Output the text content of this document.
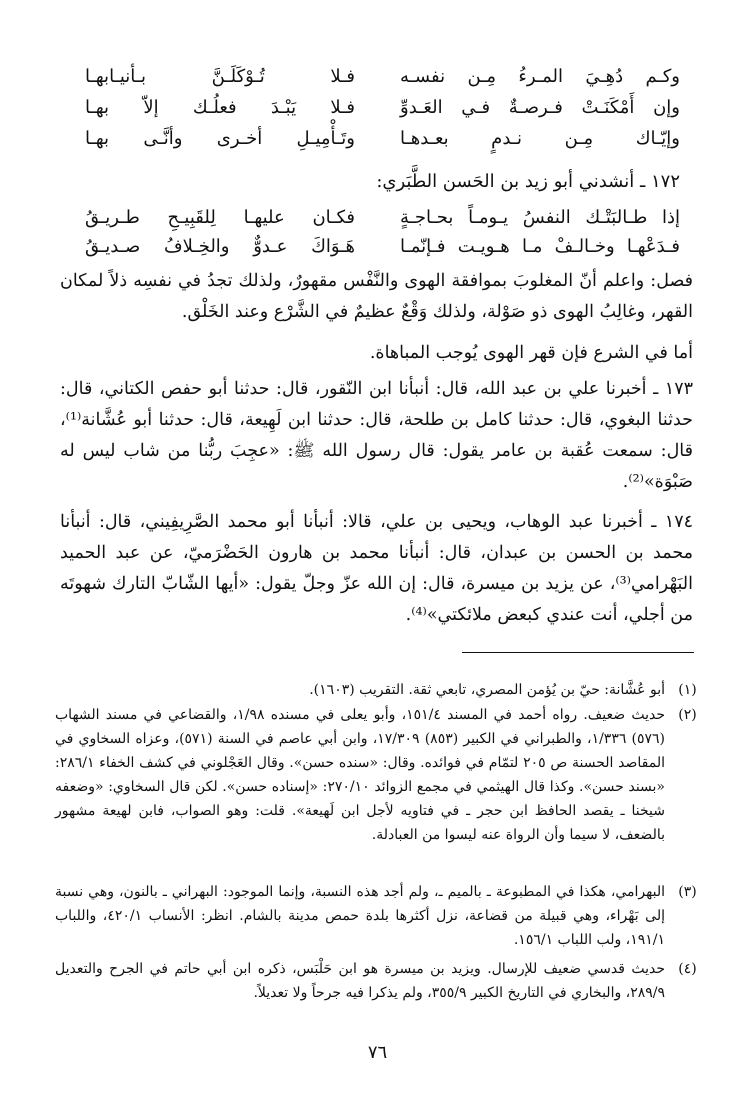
وكـم دُهِـيَ المـرءُ مِـن نفسـه
فـلا تُـوْكَلَـنَّ بـأنيـابهـا
وإن أَمْكَنَـتْ فـرصـةٌ فـي العَـدوِّ
فـلا يَبْـدَ فعلُـك إلاّ بهـا
وإيّـاك مِـن نـدمٍ بعـدهـا
وتَـأْمِيـلِ أخـرى وأنَّـى بهـا
١٧٢ ـ أنشدني أبو زيد بن الحَسن الطَّبَري:
إذا طـالبَتْـك النفسُ يـومـاً بحـاجـةٍ
فكـان عليهـا لِلقَبِيـحِ طـريـقُ
فـدَعْهـا وخـالـفْ مـا هـويـت فـإنّمـا
هَـوَاكَ عـدوٌّ والخِـلافُ صـديـقُ
فصل: واعلم أنّ المغلوبَ بموافقة الهوى والنَّفْس مقهورٌ، ولذلك تجدُ في نفسِه ذلاً لمكان القهر، وغالِبُ الهوى ذو صَوْلة، ولذلك وَقْعٌ عظيمٌ في الشَّرْع وعند الخَلْق.
أما في الشرع فإن قهر الهوى يُوجب المباهاة.
١٧٣ ـ أخبرنا علي بن عبد الله، قال: أنبأنا ابن النّقور، قال: حدثنا أبو حفص الكتاني، قال: حدثنا البغوي، قال: حدثنا كامل بن طلحة، قال: حدثنا ابن لَهِيعة، قال: حدثنا أبو عُشَّانة⁽¹⁾، قال: سمعت عُقبة بن عامر يقول: قال رسول الله ﷺ: «عجِبَ ربُّنا من شاب ليس له صَبْوَة»⁽²⁾.
١٧٤ ـ أخبرنا عبد الوهاب، ويحيى بن علي، قالا: أنبأنا أبو محمد الصَّرِيفِيني، قال: أنبأنا محمد بن الحسن بن عبدان، قال: أنبأنا محمد بن هارون الحَضْرَميّ، عن عبد الحميد البَهْرامي⁽³⁾، عن يزيد بن ميسرة، قال: إن الله عزّ وجلّ يقول: «أيها الشّابّ التارك شهوتَه من أجلي، أنت عندي كبعض ملائكتي»⁽⁴⁾.
(١)
أبو عُشَّانة: حيّ بن يُؤمن المصري، تابعي ثقة. التقريب (١٦٠٣).
(٢)
حديث ضعيف. رواه أحمد في المسند ١٥١/٤، وأبو يعلى في مسنده ١/٩٨، والقضاعي في مسند الشهاب (٥٧٦) ١/٣٣٦، والطبراني في الكبير (٨٥٣) ١٧/٣٠٩، وابن أبي عاصم في السنة (٥٧١)، وعزاه السخاوي في المقاصد الحسنة ص ٢٠٥ لتمّام في فوائده. وقال: «سنده حسن». وقال العَجْلوني في كشف الخفاء ٢٨٦/١: «بسند حسن». وكذا قال الهيثمي في مجمع الزوائد ٢٧٠/١٠: «إسناده حسن». لكن قال السخاوي: «وضعفه شيخنا ـ يقصد الحافظ ابن حجر ـ في فتاويه لأجل ابن لَهيعة». قلت: وهو الصواب، فابن لهيعة مشهور بالضعف، لا سيما وأن الرواة عنه ليسوا من العبادلة.
(٣)
البهرامي، هكذا في المطبوعة ـ بالميم ـ، ولم أجد هذه النسبة، وإنما الموجود: البهراني ـ بالنون، وهي نسبة إلى بَهْراء، وهي قبيلة من قضاعة، نزل أكثرها بلدة حمص مدينة بالشام. انظر: الأنساب ٤٢٠/١، واللباب ١٩١/١، ولب اللباب ١٥٦/١.
(٤)
حديث قدسي ضعيف للإرسال. ويزيد بن ميسرة هو ابن حَلْبَس، ذكره ابن أبي حاتم في الجرح والتعديل ٢٨٩/٩، والبخاري في التاريخ الكبير ٣٥٥/٩، ولم يذكرا فيه جرحاً ولا تعديلاً.
٧٦
